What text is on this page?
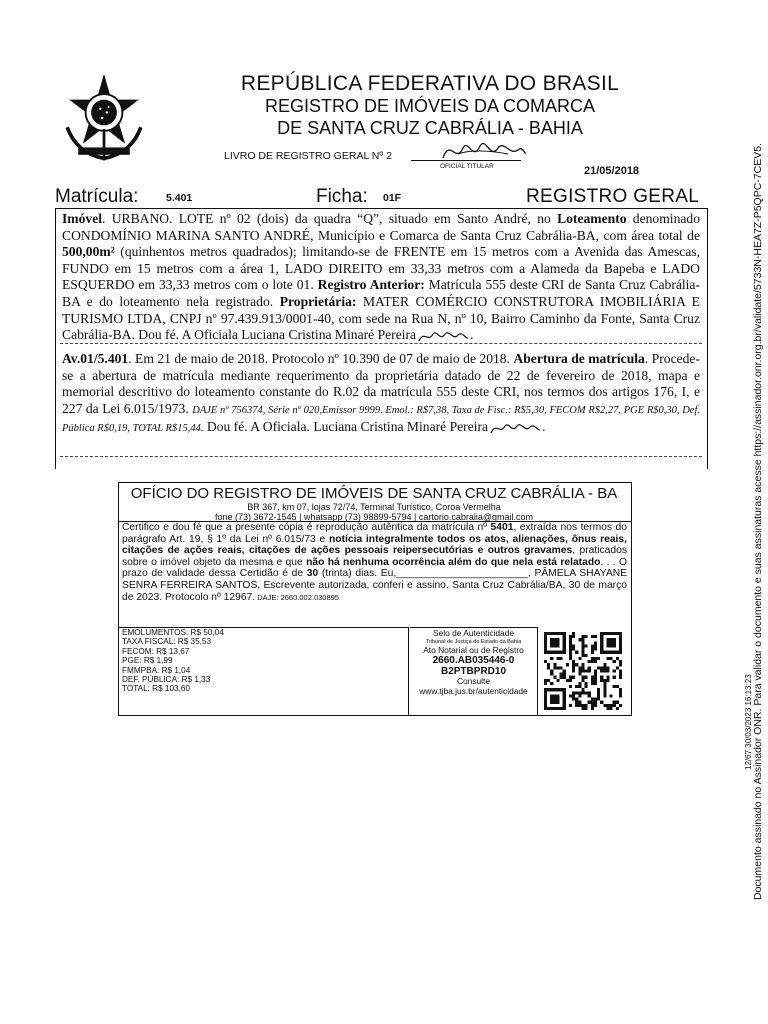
REPÚBLICA FEDERATIVA DO BRASIL
REGISTRO DE IMÓVEIS DA COMARCA
DE SANTA CRUZ CABRÁLIA - BAHIA
LIVRO DE REGISTRO GERAL Nº 2
OFICIAL TITULAR	21/05/2018
Matrícula:	5.401	Ficha: 01F	REGISTRO GERAL
Imóvel. URBANO. LOTE nº 02 (dois) da quadra “Q”, situado em Santo André, no Loteamento denominado CONDOMÍNIO MARINA SANTO ANDRÉ, Município e Comarca de Santa Cruz Cabrália-BA, com área total de 500,00m² (quinhentos metros quadrados); limitando-se de FRENTE em 15 metros com a Avenida das Amescas, FUNDO em 15 metros com a área 1, LADO DIREITO em 33,33 metros com a Alameda da Bapeba e LADO ESQUERDO em 33,33 metros com o lote 01. Registro Anterior: Matrícula 555 deste CRI de Santa Cruz Cabrália-BA e do loteamento nela registrado. Proprietária: MATER COMÉRCIO CONSTRUTORA IMOBILIÁRIA E TURISMO LTDA, CNPJ nº 97.439.913/0001-40, com sede na Rua N, nº 10, Bairro Caminho da Fonte, Santa Cruz Cabrália-BA. Dou fé. A Oficiala Luciana Cristina Minaré Pereira	.
Av.01/5.401. Em 21 de maio de 2018. Protocolo nº 10.390 de 07 de maio de 2018. Abertura de matrícula. Procede-se a abertura de matrícula mediante requerimento da proprietária datado de 22 de fevereiro de 2018, mapa e memorial descritivo do loteamento constante do R.02 da matrícula 555 deste CRI, nos termos dos artigos 176, I, e 227 da Lei 6.015/1973. DAJE nº 756374, Série nº 020,Emissor 9999. Emol.: R$7,38, Taxa de Fisc.: R$5,30, FECOM R$2,27, PGE R$0,30, Def. Pública R$0,19, TOTAL R$15,44. Dou fé. A Oficiala. Luciana Cristina Minaré Pereira	.
OFÍCIO DO REGISTRO DE IMÓVEIS DE SANTA CRUZ CABRÁLIA - BA
BR 367, km 07, lojas 72/74, Terminal Turístico, Coroa Vermelha
fone (73) 3672-1545 | whatsapp (73) 98899-5794 | cartorio.cabralia@gmail.com
Certifico e dou fé que a presente cópia é reprodução autêntica da matrícula nº 5401, extraída nos termos do parágrafo Art. 19, § 1º da Lei nº 6.015/73 e notícia integralmente todos os atos, alienações, ônus reais, citações de ações reais, citações de ações pessoais reipersecutórias e outros gravames, praticados sobre o imóvel objeto da mesma e que não há nenhuma ocorrência além do que nela está relatado. . . O prazo de validade dessa Certidão é de 30 (trinta) dias. Eu,_______________________, PÂMELA SHAYANE SENRA FERREIRA SANTOS, Escrevente autorizada, conferi e assino. Santa Cruz Cabrália/BA, 30 de março de 2023. Protocolo nº 12967. DAJE: 2660.002.030895
EMOLUMENTOS: R$ 50,04
TAXA FISCAL: R$ 35,53
FECOM: R$ 13,67
PGE: R$ 1,99
FMMPBA: R$ 1,04
DEF. PÚBLICA: R$ 1,33
TOTAL: R$ 103,60
Selo de Autenticidade
Tribunal de Justiça do Estado da Bahia
Ato Notarial ou de Registro
2660.AB035446-0
B2PTBPRD10
Consulte
www.tjba.jus.br/autenticidade	Documento assinado no Assinador ONR. Para validar o documento e suas assinaturas acesse https://assinador.onr.org.br/validate/5733N-HEA7Z-P5QPC-7CEV5.
12/67 30/03/2023 16:13:23
